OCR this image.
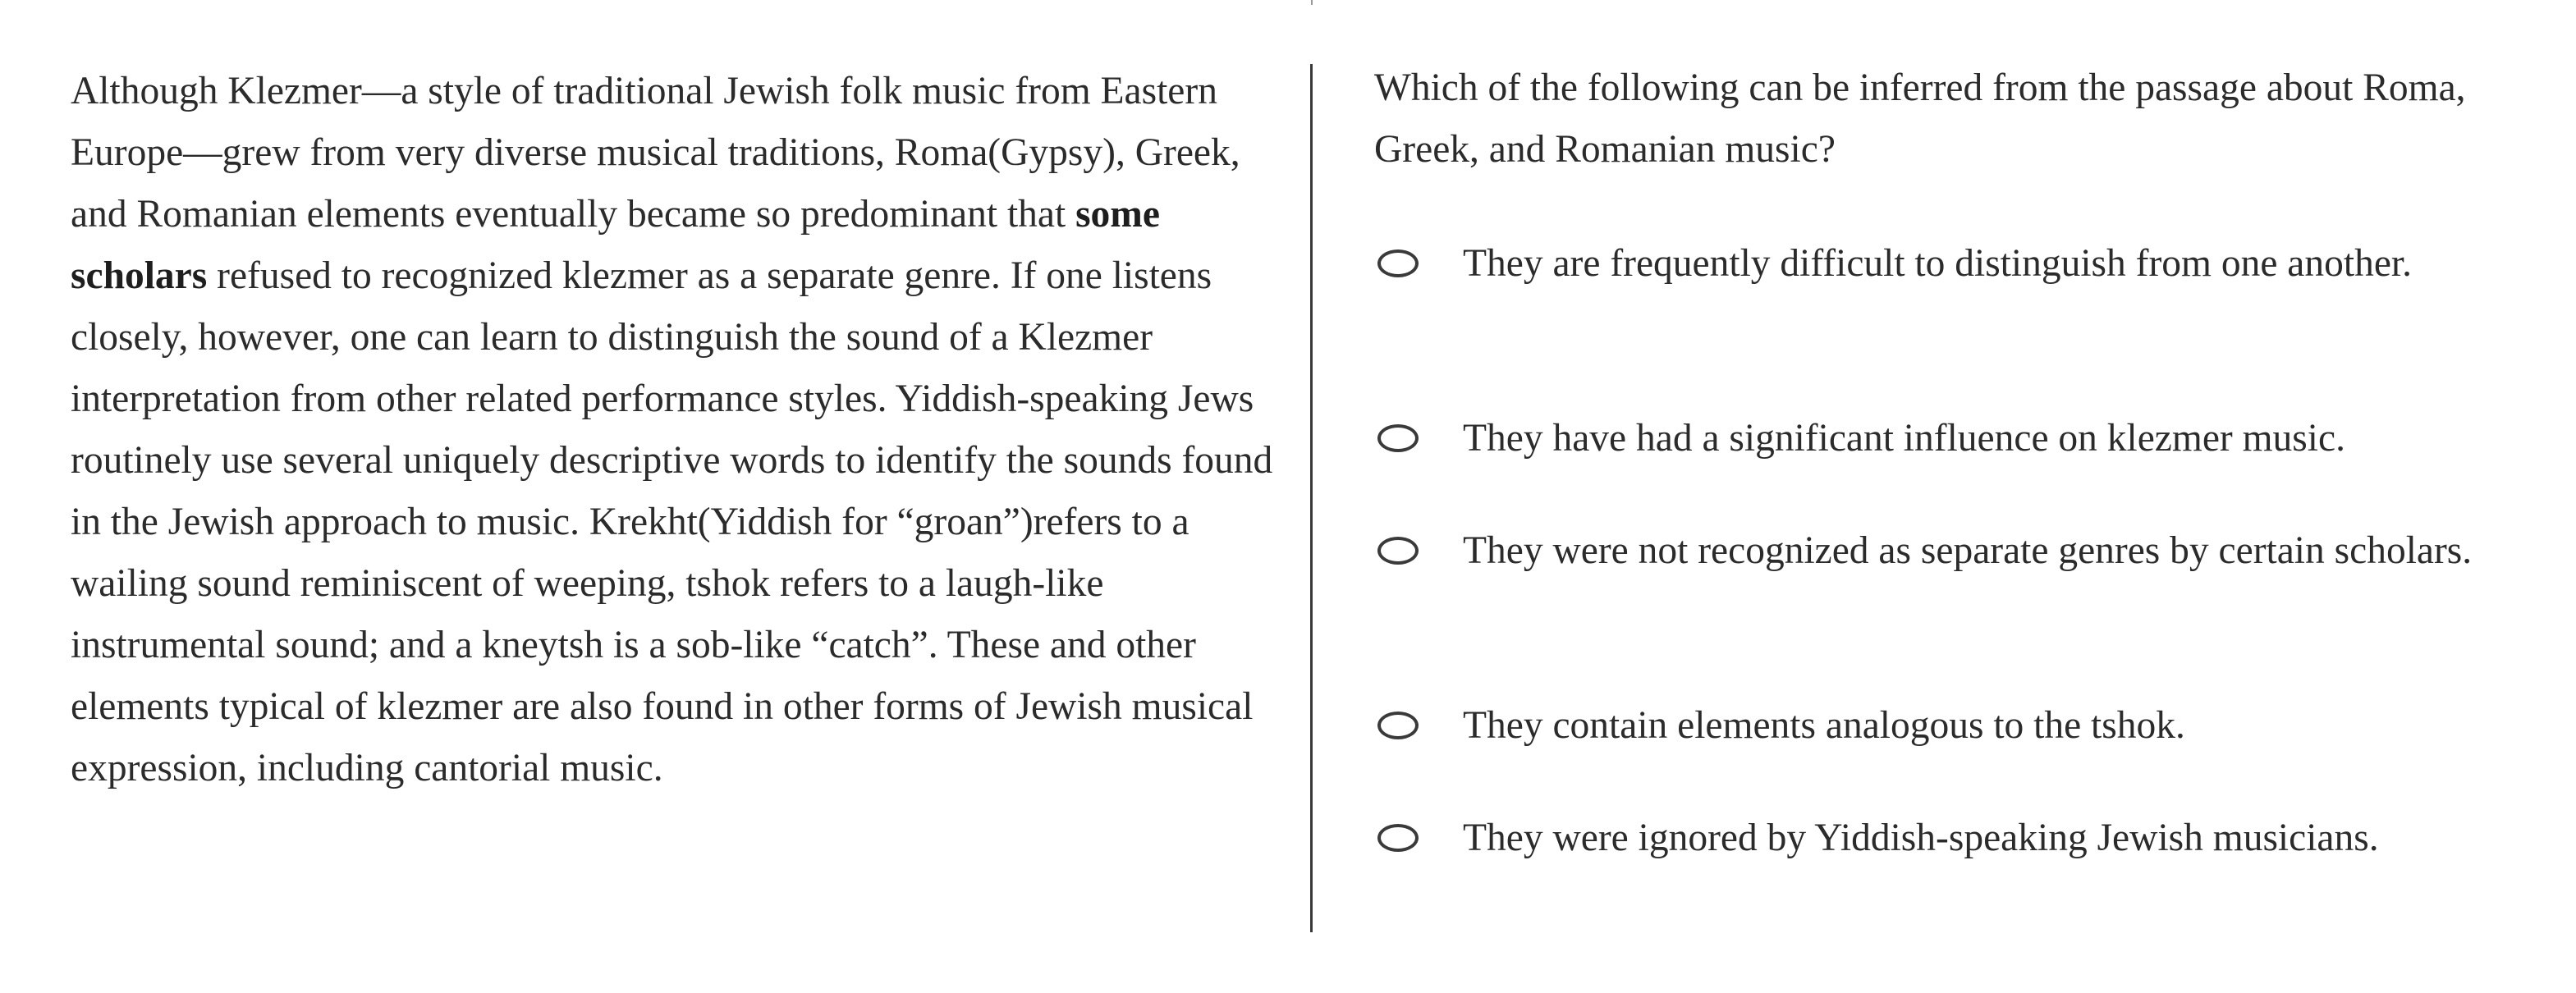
Although Klezmer—a style of traditional Jewish folk music from Eastern Europe—grew from very diverse musical traditions, Roma(Gypsy), Greek, and Romanian elements eventually became so predominant that some scholars refused to recognized klezmer as a separate genre. If one listens closely, however, one can learn to distinguish the sound of a Klezmer interpretation from other related performance styles. Yiddish-speaking Jews routinely use several uniquely descriptive words to identify the sounds found in the Jewish approach to music. Krekht(Yiddish for “groan”)refers to a wailing sound reminiscent of weeping, tshok refers to a laugh-like instrumental sound; and a kneytsh is a sob-like “catch”. These and other elements typical of klezmer are also found in other forms of Jewish musical expression, including cantorial music.

Which of the following can be inferred from the passage about Roma, Greek, and Romanian music?

They are frequently difficult to distinguish from one another.
They have had a significant influence on klezmer music.
They were not recognized as separate genres by certain scholars.
They contain elements analogous to the tshok.
They were ignored by Yiddish-speaking Jewish musicians.
